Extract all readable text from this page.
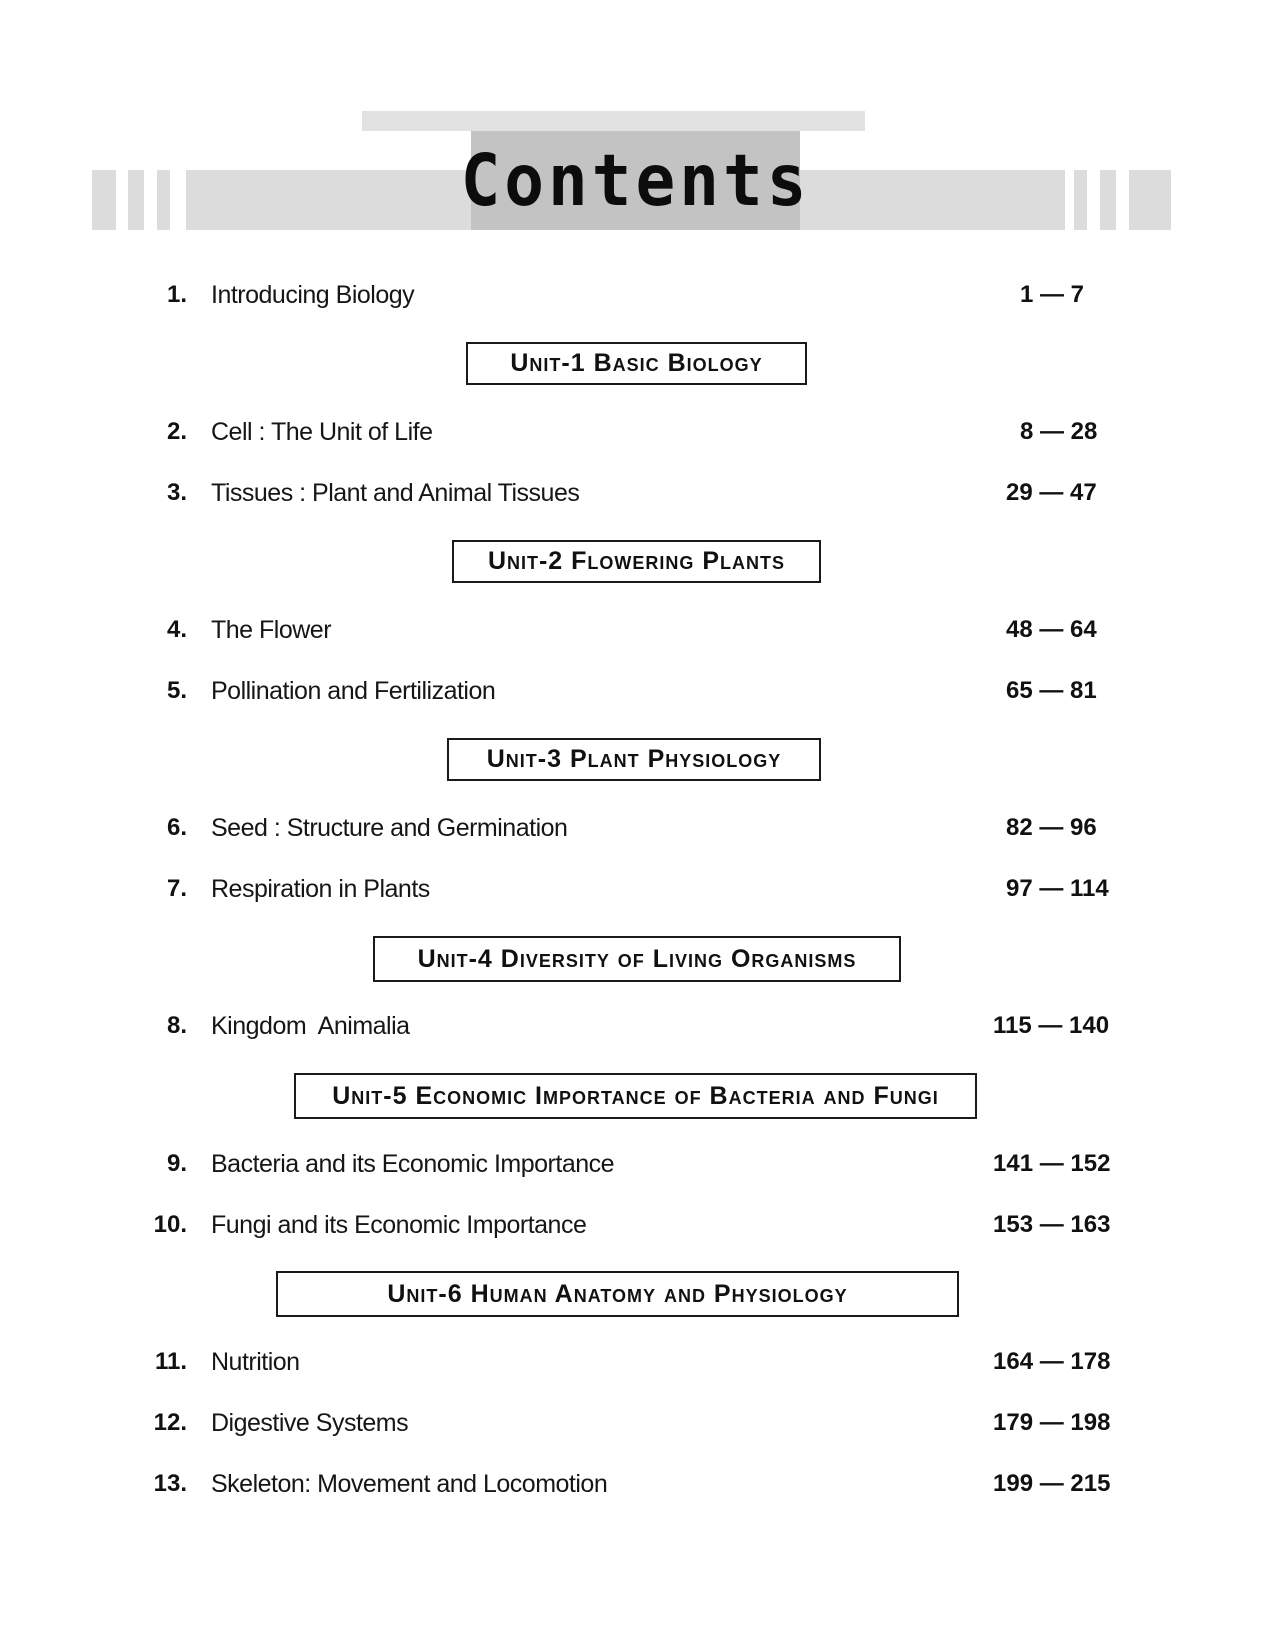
Contents
1. Introducing Biology	1 — 7
Unit-1 Basic Biology
2. Cell : The Unit of Life	8 — 28
3. Tissues : Plant and Animal Tissues	29 — 47
Unit-2 Flowering Plants
4. The Flower	48 — 64
5. Pollination and Fertilization	65 — 81
Unit-3 Plant Physiology
6. Seed : Structure and Germination	82 — 96
7. Respiration in Plants	97 — 114
Unit-4 Diversity of Living Organisms
8. Kingdom  Animalia	115 — 140
Unit-5 Economic Importance of Bacteria and Fungi
9. Bacteria and its Economic Importance	141 — 152
10. Fungi and its Economic Importance	153 — 163
Unit-6 Human Anatomy and Physiology
11. Nutrition	164 — 178
12. Digestive Systems	179 — 198
13. Skeleton: Movement and Locomotion	199 — 215
